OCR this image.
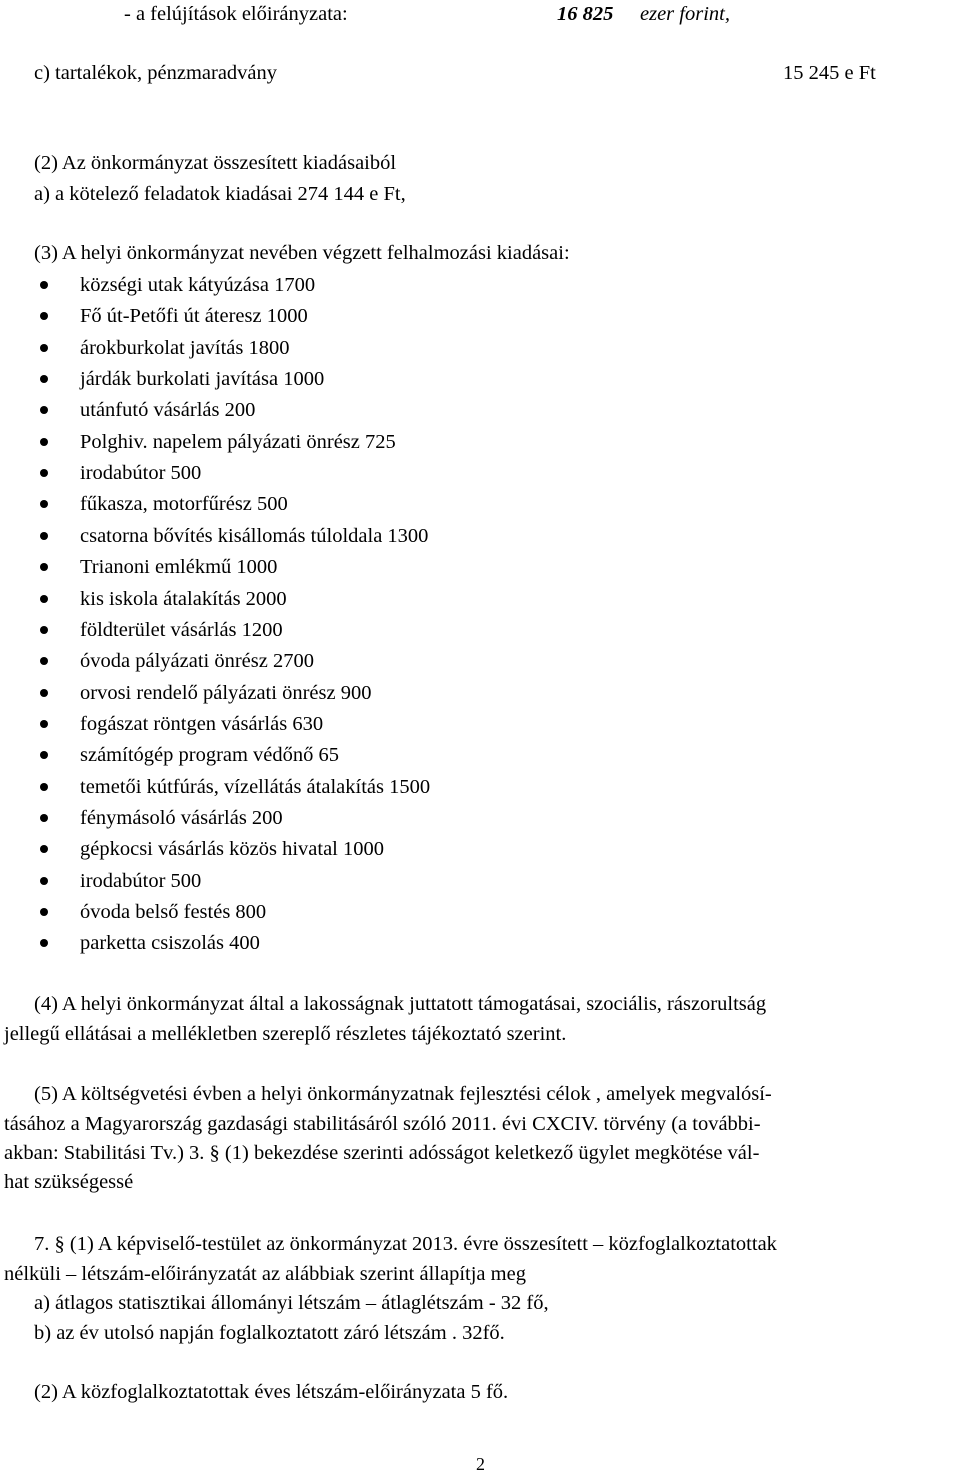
- a felújítások előirányzata:	16 825 ezer forint,
c) tartalékok, pénzmaradvány	15 245 e Ft
(2) Az önkormányzat összesített kiadásaiból
a) a kötelező feladatok kiadásai 274 144 e Ft,
(3) A helyi önkormányzat nevében végzett felhalmozási kiadásai:
községi utak kátyúzása 1700
Fő út-Petőfi út áteresz 1000
árokburkolat javítás 1800
járdák burkolati javítása 1000
utánfutó vásárlás 200
Polghiv. napelem pályázati önrész 725
irodabútor 500
fűkasza, motorfűrész 500
csatorna bővítés kisállomás túloldala 1300
Trianoni emlékmű 1000
kis iskola átalakítás 2000
földterület vásárlás 1200
óvoda pályázati önrész 2700
orvosi rendelő pályázati önrész 900
fogászat röntgen vásárlás 630
számítógép program védőnő 65
temetői kútfúrás, vízellátás átalakítás 1500
fénymásoló vásárlás 200
gépkocsi vásárlás közös hivatal 1000
irodabútor 500
óvoda belső festés 800
parketta csiszolás 400
(4) A helyi önkormányzat által a lakosságnak juttatott támogatásai, szociális, rászorultság
jellegű ellátásai a mellékletben szereplő részletes tájékoztató szerint.
(5) A költségvetési évben a helyi önkormányzatnak fejlesztési célok , amelyek megvalósí-
tásához a Magyarország gazdasági stabilitásáról szóló 2011. évi CXCIV. törvény (a további-
akban: Stabilitási Tv.) 3. § (1) bekezdése szerinti adósságot keletkező ügylet megkötése vál-
hat szükségessé
7. § (1) A képviselő-testület az önkormányzat 2013. évre összesített – közfoglalkoztatottak
nélküli – létszám-előirányzatát az alábbiak szerint állapítja meg
a) átlagos statisztikai állományi létszám – átlaglétszám - 32 fő,
b) az év utolsó napján foglalkoztatott záró létszám . 32fő.
(2) A közfoglalkoztatottak éves létszám-előirányzata 5 fő.
2
